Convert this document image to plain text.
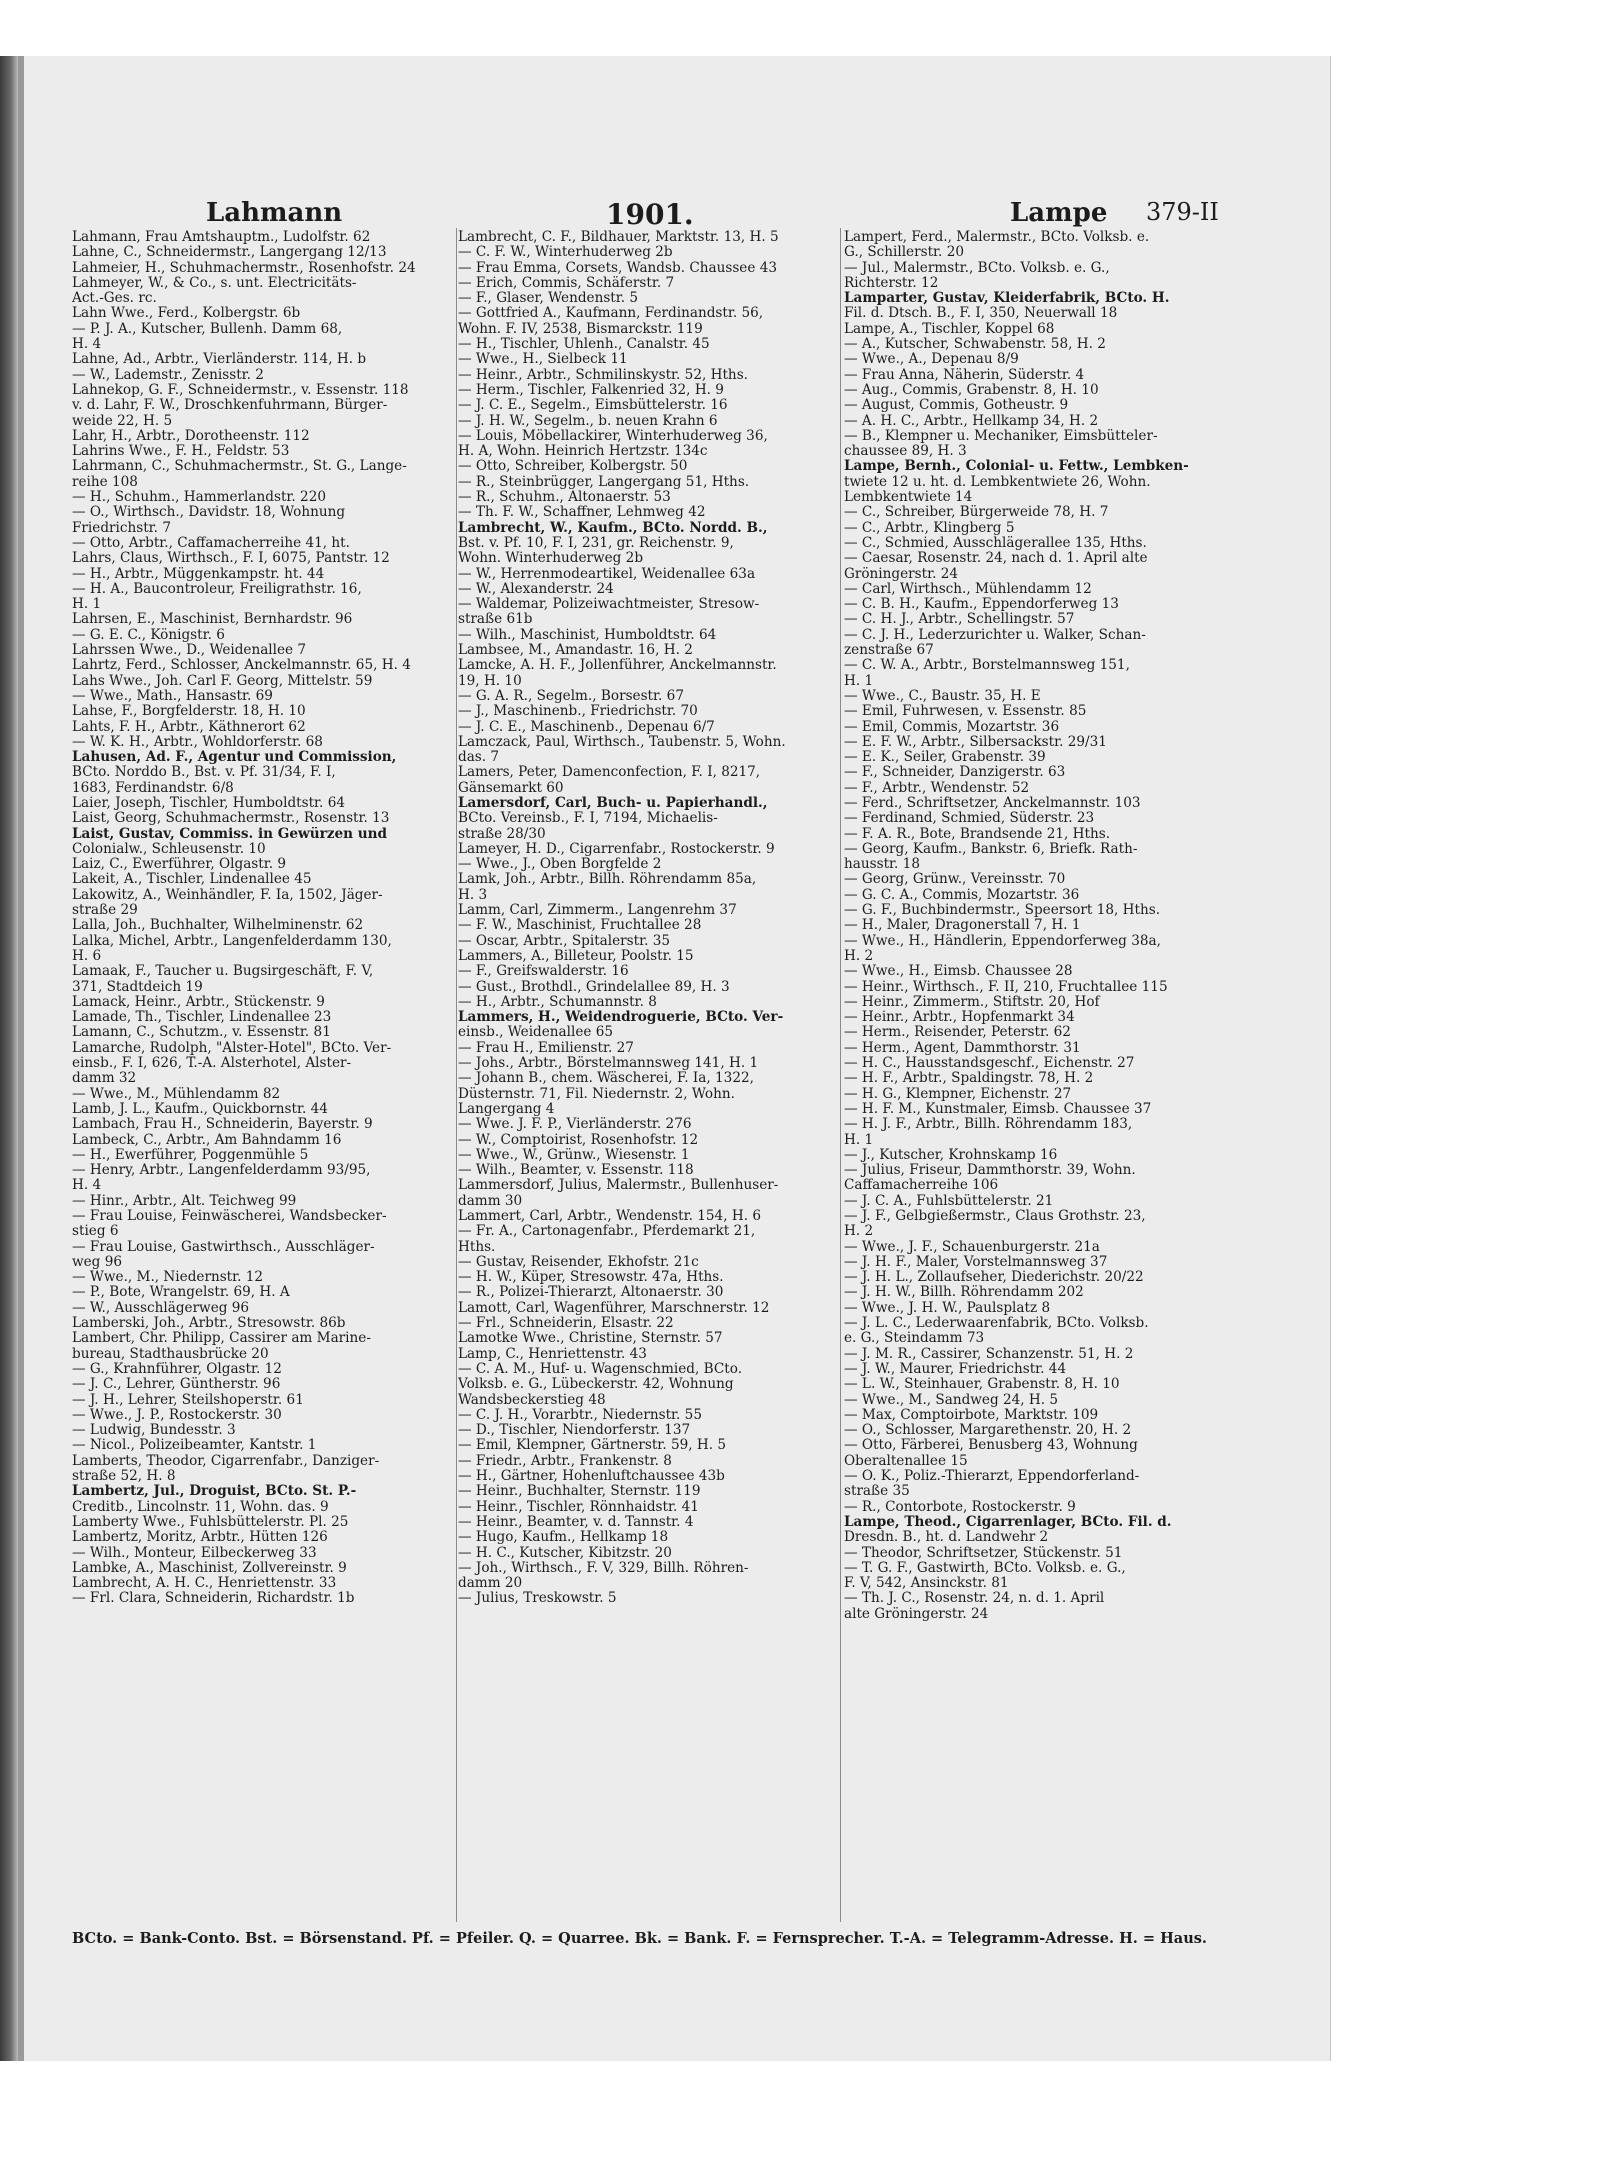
Lahmann	1901.	Lampe 379-II
Lahmann, Frau Amtshauptm., Ludolfstr. 62
Lahne, C., Schneidermstr., Langergang 12/13
Lahmeier, H., Schuhmachermstr., Rosenhofstr. 24
Lahmeyer, W., & Co., s. unt. Electricitäts-
Act.-Ges. rc.
Lahn Wwe., Ferd., Kolbergstr. 6b
— P. J. A., Kutscher, Bullenh. Damm 68,
H. 4
Lahne, Ad., Arbtr., Vierländerstr. 114, H. b
— W., Lademstr., Zenisstr. 2
Lahnekop, G. F., Schneidermstr., v. Essenstr. 118
v. d. Lahr, F. W., Droschkenfuhrmann, Bürger-
weide 22, H. 5
Lahr, H., Arbtr., Dorotheenstr. 112
Lahrins Wwe., F. H., Feldstr. 53
Lahrmann, C., Schuhmachermstr., St. G., Lange-
reihe 108
— H., Schuhm., Hammerlandstr. 220
— O., Wirthsch., Davidstr. 18, Wohnung
Friedrichstr. 7
— Otto, Arbtr., Caffamacherreihe 41, ht.
Lahrs, Claus, Wirthsch., F. I, 6075, Pantstr. 12
— H., Arbtr., Müggenkampstr. ht. 44
— H. A., Baucontroleur, Freiligrathstr. 16,
H. 1
Lahrsen, E., Maschinist, Bernhardstr. 96
— G. E. C., Königstr. 6
Lahrssen Wwe., D., Weidenallee 7
Lahrtz, Ferd., Schlosser, Anckelmannstr. 65, H. 4
Lahs Wwe., Joh. Carl F. Georg, Mittelstr. 59
— Wwe., Math., Hansastr. 69
Lahse, F., Borgfelderstr. 18, H. 10
Lahts, F. H., Arbtr., Käthnerort 62
— W. K. H., Arbtr., Wohldorferstr. 68
Lahusen, Ad. F., Agentur und Commission,
BCto. Norddo B., Bst. v. Pf. 31/34, F. I,
1683, Ferdinandstr. 6/8
Laier, Joseph, Tischler, Humboldtstr. 64
Laist, Georg, Schuhmachermstr., Rosenstr. 13
Laist, Gustav, Commiss. in Gewürzen und
Colonialw., Schleusenstr. 10
Laiz, C., Ewerführer, Olgastr. 9
Lakeit, A., Tischler, Lindenallee 45
Lakowitz, A., Weinhändler, F. Ia, 1502, Jäger-
straße 29
Lalla, Joh., Buchhalter, Wilhelminenstr. 62
Lalka, Michel, Arbtr., Langenfelderdamm 130,
H. 6
Lamaak, F., Taucher u. Bugsirgeschäft, F. V,
371, Stadtdeich 19
Lamack, Heinr., Arbtr., Stückenstr. 9
Lamade, Th., Tischler, Lindenallee 23
Lamann, C., Schutzm., v. Essenstr. 81
Lamarche, Rudolph, "Alster-Hotel", BCto. Ver-
einsb., F. I, 626, T.-A. Alsterhotel, Alster-
damm 32
— Wwe., M., Mühlendamm 82
Lamb, J. L., Kaufm., Quickbornstr. 44
Lambach, Frau H., Schneiderin, Bayerstr. 9
Lambeck, C., Arbtr., Am Bahndamm 16
— H., Ewerführer, Poggenmühle 5
— Henry, Arbtr., Langenfelderdamm 93/95,
H. 4
— Hinr., Arbtr., Alt. Teichweg 99
— Frau Louise, Feinwäscherei, Wandsbecker-
stieg 6
— Frau Louise, Gastwirthsch., Ausschläger-
weg 96
— Wwe., M., Niedernstr. 12
— P., Bote, Wrangelstr. 69, H. A
— W., Ausschlägerweg 96
Lamberski, Joh., Arbtr., Stresowstr. 86b
Lambert, Chr. Philipp, Cassirer am Marine-
bureau, Stadthausbrücke 20
— G., Krahnführer, Olgastr. 12
— J. C., Lehrer, Güntherstr. 96
— J. H., Lehrer, Steilshoperstr. 61
— Wwe., J. P., Rostockerstr. 30
— Ludwig, Bundesstr. 3
— Nicol., Polizeibeamter, Kantstr. 1
Lamberts, Theodor, Cigarrenfabr., Danziger-
straße 52, H. 8
Lambertz, Jul., Droguist, BCto. St. P.-
Creditb., Lincolnstr. 11, Wohn. das. 9
Lamberty Wwe., Fuhlsbüttelerstr. Pl. 25
Lambertz, Moritz, Arbtr., Hütten 126
— Wilh., Monteur, Eilbeckerweg 33
Lambke, A., Maschinist, Zollvereinstr. 9
Lambrecht, A. H. C., Henriettenstr. 33
— Frl. Clara, Schneiderin, Richardstr. 1b
Lambrecht, C. F., Bildhauer, Marktstr. 13, H. 5
— C. F. W., Winterhuderweg 2b
— Frau Emma, Corsets, Wandsb. Chaussee 43
— Erich, Commis, Schäferstr. 7
— F., Glaser, Wendenstr. 5
— Gottfried A., Kaufmann, Ferdinandstr. 56,
Wohn. F. IV, 2538, Bismarckstr. 119
— H., Tischler, Uhlenh., Canalstr. 45
— Wwe., H., Sielbeck 11
— Heinr., Arbtr., Schmilinskystr. 52, Hths.
— Herm., Tischler, Falkenried 32, H. 9
— J. C. E., Segelm., Eimsbüttelerstr. 16
— J. H. W., Segelm., b. neuen Krahn 6
— Louis, Möbellackirer, Winterhuderweg 36,
H. A, Wohn. Heinrich Hertzstr. 134c
— Otto, Schreiber, Kolbergstr. 50
— R., Steinbrügger, Langergang 51, Hths.
— R., Schuhm., Altonaerstr. 53
— Th. F. W., Schaffner, Lehmweg 42
Lambrecht, W., Kaufm., BCto. Nordd. B.,
Bst. v. Pf. 10, F. I, 231, gr. Reichenstr. 9,
Wohn. Winterhuderweg 2b
— W., Herrenmodeartikel, Weidenallee 63a
— W., Alexanderstr. 24
— Waldemar, Polizeiwachtmeister, Stresow-
straße 61b
— Wilh., Maschinist, Humboldtstr. 64
Lambsee, M., Amandastr. 16, H. 2
Lamcke, A. H. F., Jollenführer, Anckelmannstr.
19, H. 10
— G. A. R., Segelm., Borsestr. 67
— J., Maschinenb., Friedrichstr. 70
— J. C. E., Maschinenb., Depenau 6/7
Lamczack, Paul, Wirthsch., Taubenstr. 5, Wohn.
das. 7
Lamers, Peter, Damenconfection, F. I, 8217,
Gänsemarkt 60
Lamersdorf, Carl, Buch- u. Papierhandl.,
BCto. Vereinsb., F. I, 7194, Michaelis-
straße 28/30
Lameyer, H. D., Cigarrenfabr., Rostockerstr. 9
— Wwe., J., Oben Borgfelde 2
Lamk, Joh., Arbtr., Billh. Röhrendamm 85a,
H. 3
Lamm, Carl, Zimmerm., Langenrehm 37
— F. W., Maschinist, Fruchtallee 28
— Oscar, Arbtr., Spitalerstr. 35
Lammers, A., Billeteur, Poolstr. 15
— F., Greifswalderstr. 16
— Gust., Brothdl., Grindelallee 89, H. 3
— H., Arbtr., Schumannstr. 8
Lammers, H., Weidendroguerie, BCto. Ver-
einsb., Weidenallee 65
— Frau H., Emilienstr. 27
— Johs., Arbtr., Börstelmannsweg 141, H. 1
— Johann B., chem. Wäscherei, F. Ia, 1322,
Düsternstr. 71, Fil. Niedernstr. 2, Wohn.
Langergang 4
— Wwe. J. F. P., Vierländerstr. 276
— W., Comptoirist, Rosenhofstr. 12
— Wwe., W., Grünw., Wiesenstr. 1
— Wilh., Beamter, v. Essenstr. 118
Lammersdorf, Julius, Malermstr., Bullenhuser-
damm 30
Lammert, Carl, Arbtr., Wendenstr. 154, H. 6
— Fr. A., Cartonagenfabr., Pferdemarkt 21,
Hths.
— Gustav, Reisender, Ekhofstr. 21c
— H. W., Küper, Stresowstr. 47a, Hths.
— R., Polizei-Thierarzt, Altonaerstr. 30
Lamott, Carl, Wagenführer, Marschnerstr. 12
— Frl., Schneiderin, Elsastr. 22
Lamotke Wwe., Christine, Sternstr. 57
Lamp, C., Henriettenstr. 43
— C. A. M., Huf- u. Wagenschmied, BCto.
Volksb. e. G., Lübeckerstr. 42, Wohnung
Wandsbeckerstieg 48
— C. J. H., Vorarbtr., Niedernstr. 55
— D., Tischler, Niendorferstr. 137
— Emil, Klempner, Gärtnerstr. 59, H. 5
— Friedr., Arbtr., Frankenstr. 8
— H., Gärtner, Hohenluftchaussee 43b
— Heinr., Buchhalter, Sternstr. 119
— Heinr., Tischler, Rönnhaidstr. 41
— Heinr., Beamter, v. d. Tannstr. 4
— Hugo, Kaufm., Hellkamp 18
— H. C., Kutscher, Kibitzstr. 20
— Joh., Wirthsch., F. V, 329, Billh. Röhren-
damm 20
— Julius, Treskowstr. 5
Lampert, Ferd., Malermstr., BCto. Volksb. e.
G., Schillerstr. 20
— Jul., Malermstr., BCto. Volksb. e. G.,
Richterstr. 12
Lamparter, Gustav, Kleiderfabrik, BCto. H.
Fil. d. Dtsch. B., F. I, 350, Neuerwall 18
Lampe, A., Tischler, Koppel 68
— A., Kutscher, Schwabenstr. 58, H. 2
— Wwe., A., Depenau 8/9
— Frau Anna, Näherin, Süderstr. 4
— Aug., Commis, Grabenstr. 8, H. 10
— August, Commis, Gotheustr. 9
— A. H. C., Arbtr., Hellkamp 34, H. 2
— B., Klempner u. Mechaniker, Eimsbütteler-
chaussee 89, H. 3
Lampe, Bernh., Colonial- u. Fettw., Lembken-
twiete 12 u. ht. d. Lembkentwiete 26, Wohn.
Lembkentwiete 14
— C., Schreiber, Bürgerweide 78, H. 7
— C., Arbtr., Klingberg 5
— C., Schmied, Ausschlägerallee 135, Hths.
— Caesar, Rosenstr. 24, nach d. 1. April alte
Gröningerstr. 24
— Carl, Wirthsch., Mühlendamm 12
— C. B. H., Kaufm., Eppendorferweg 13
— C. H. J., Arbtr., Schellingstr. 57
— C. J. H., Lederzurichter u. Walker, Schan-
zenstraße 67
— C. W. A., Arbtr., Borstelmannsweg 151,
H. 1
— Wwe., C., Baustr. 35, H. E
— Emil, Fuhrwesen, v. Essenstr. 85
— Emil, Commis, Mozartstr. 36
— E. F. W., Arbtr., Silbersackstr. 29/31
— E. K., Seiler, Grabenstr. 39
— F., Schneider, Danzigerstr. 63
— F., Arbtr., Wendenstr. 52
— Ferd., Schriftsetzer, Anckelmannstr. 103
— Ferdinand, Schmied, Süderstr. 23
— F. A. R., Bote, Brandsende 21, Hths.
— Georg, Kaufm., Bankstr. 6, Briefk. Rath-
hausstr. 18
— Georg, Grünw., Vereinsstr. 70
— G. C. A., Commis, Mozartstr. 36
— G. F., Buchbindermstr., Speersort 18, Hths.
— H., Maler, Dragonerstall 7, H. 1
— Wwe., H., Händlerin, Eppendorferweg 38a,
H. 2
— Wwe., H., Eimsb. Chaussee 28
— Heinr., Wirthsch., F. II, 210, Fruchtallee 115
— Heinr., Zimmerm., Stiftstr. 20, Hof
— Heinr., Arbtr., Hopfenmarkt 34
— Herm., Reisender, Peterstr. 62
— Herm., Agent, Dammthorstr. 31
— H. C., Hausstandsgeschf., Eichenstr. 27
— H. F., Arbtr., Spaldingstr. 78, H. 2
— H. G., Klempner, Eichenstr. 27
— H. F. M., Kunstmaler, Eimsb. Chaussee 37
— H. J. F., Arbtr., Billh. Röhrendamm 183,
H. 1
— J., Kutscher, Krohnskamp 16
— Julius, Friseur, Dammthorstr. 39, Wohn.
Caffamacherreihe 106
— J. C. A., Fuhlsbüttelerstr. 21
— J. F., Gelbgießermstr., Claus Grothstr. 23,
H. 2
— Wwe., J. F., Schauenburgerstr. 21a
— J. H. F., Maler, Vorstelmannsweg 37
— J. H. L., Zollaufseher, Diederichstr. 20/22
— J. H. W., Billh. Röhrendamm 202
— Wwe., J. H. W., Paulsplatz 8
— J. L. C., Lederwaarenfabrik, BCto. Volksb.
e. G., Steindamm 73
— J. M. R., Cassirer, Schanzenstr. 51, H. 2
— J. W., Maurer, Friedrichstr. 44
— L. W., Steinhauer, Grabenstr. 8, H. 10
— Wwe., M., Sandweg 24, H. 5
— Max, Comptoirbote, Marktstr. 109
— O., Schlosser, Margarethenstr. 20, H. 2
— Otto, Färberei, Benusberg 43, Wohnung
Oberaltenallee 15
— O. K., Poliz.-Thierarzt, Eppendorferland-
straße 35
— R., Contorbote, Rostockerstr. 9
Lampe, Theod., Cigarrenlager, BCto. Fil. d.
Dresdn. B., ht. d. Landwehr 2
— Theodor, Schriftsetzer, Stückenstr. 51
— T. G. F., Gastwirth, BCto. Volksb. e. G.,
F. V, 542, Ansinckstr. 81
— Th. J. C., Rosenstr. 24, n. d. 1. April
alte Gröningerstr. 24
BCto. = Bank-Conto. Bst. = Börsenstand. Pf. = Pfeiler. Q. = Quarree. Bk. = Bank. F. = Fernsprecher. T.-A. = Telegramm-Adresse. H. = Haus.
